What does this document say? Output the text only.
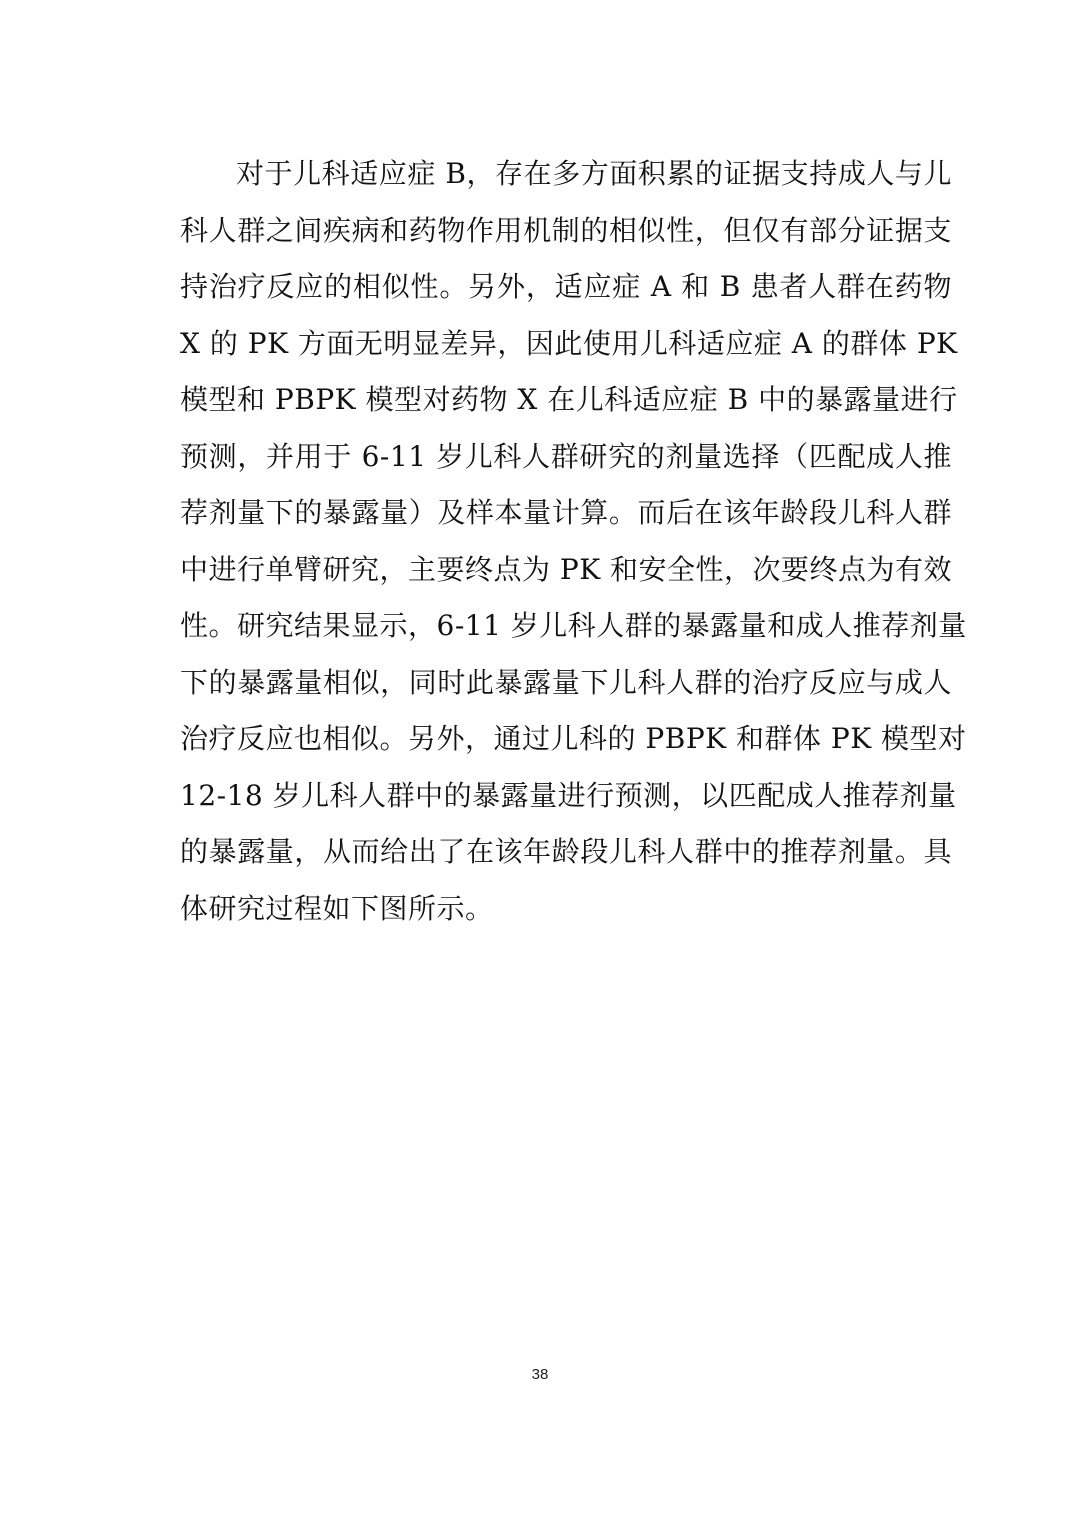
对于儿科适应症 B，存在多方面积累的证据支持成人与儿
科人群之间疾病和药物作用机制的相似性，但仅有部分证据支
持治疗反应的相似性。另外，适应症 A 和 B 患者人群在药物
X 的 PK 方面无明显差异，因此使用儿科适应症 A 的群体 PK
模型和 PBPK 模型对药物 X 在儿科适应症 B 中的暴露量进行
预测，并用于 6-11 岁儿科人群研究的剂量选择（匹配成人推
荐剂量下的暴露量）及样本量计算。而后在该年龄段儿科人群
中进行单臂研究，主要终点为 PK 和安全性，次要终点为有效
性。研究结果显示，6-11 岁儿科人群的暴露量和成人推荐剂量
下的暴露量相似，同时此暴露量下儿科人群的治疗反应与成人
治疗反应也相似。另外，通过儿科的 PBPK 和群体 PK 模型对
12-18 岁儿科人群中的暴露量进行预测，以匹配成人推荐剂量
的暴露量，从而给出了在该年龄段儿科人群中的推荐剂量。具
体研究过程如下图所示。
38
